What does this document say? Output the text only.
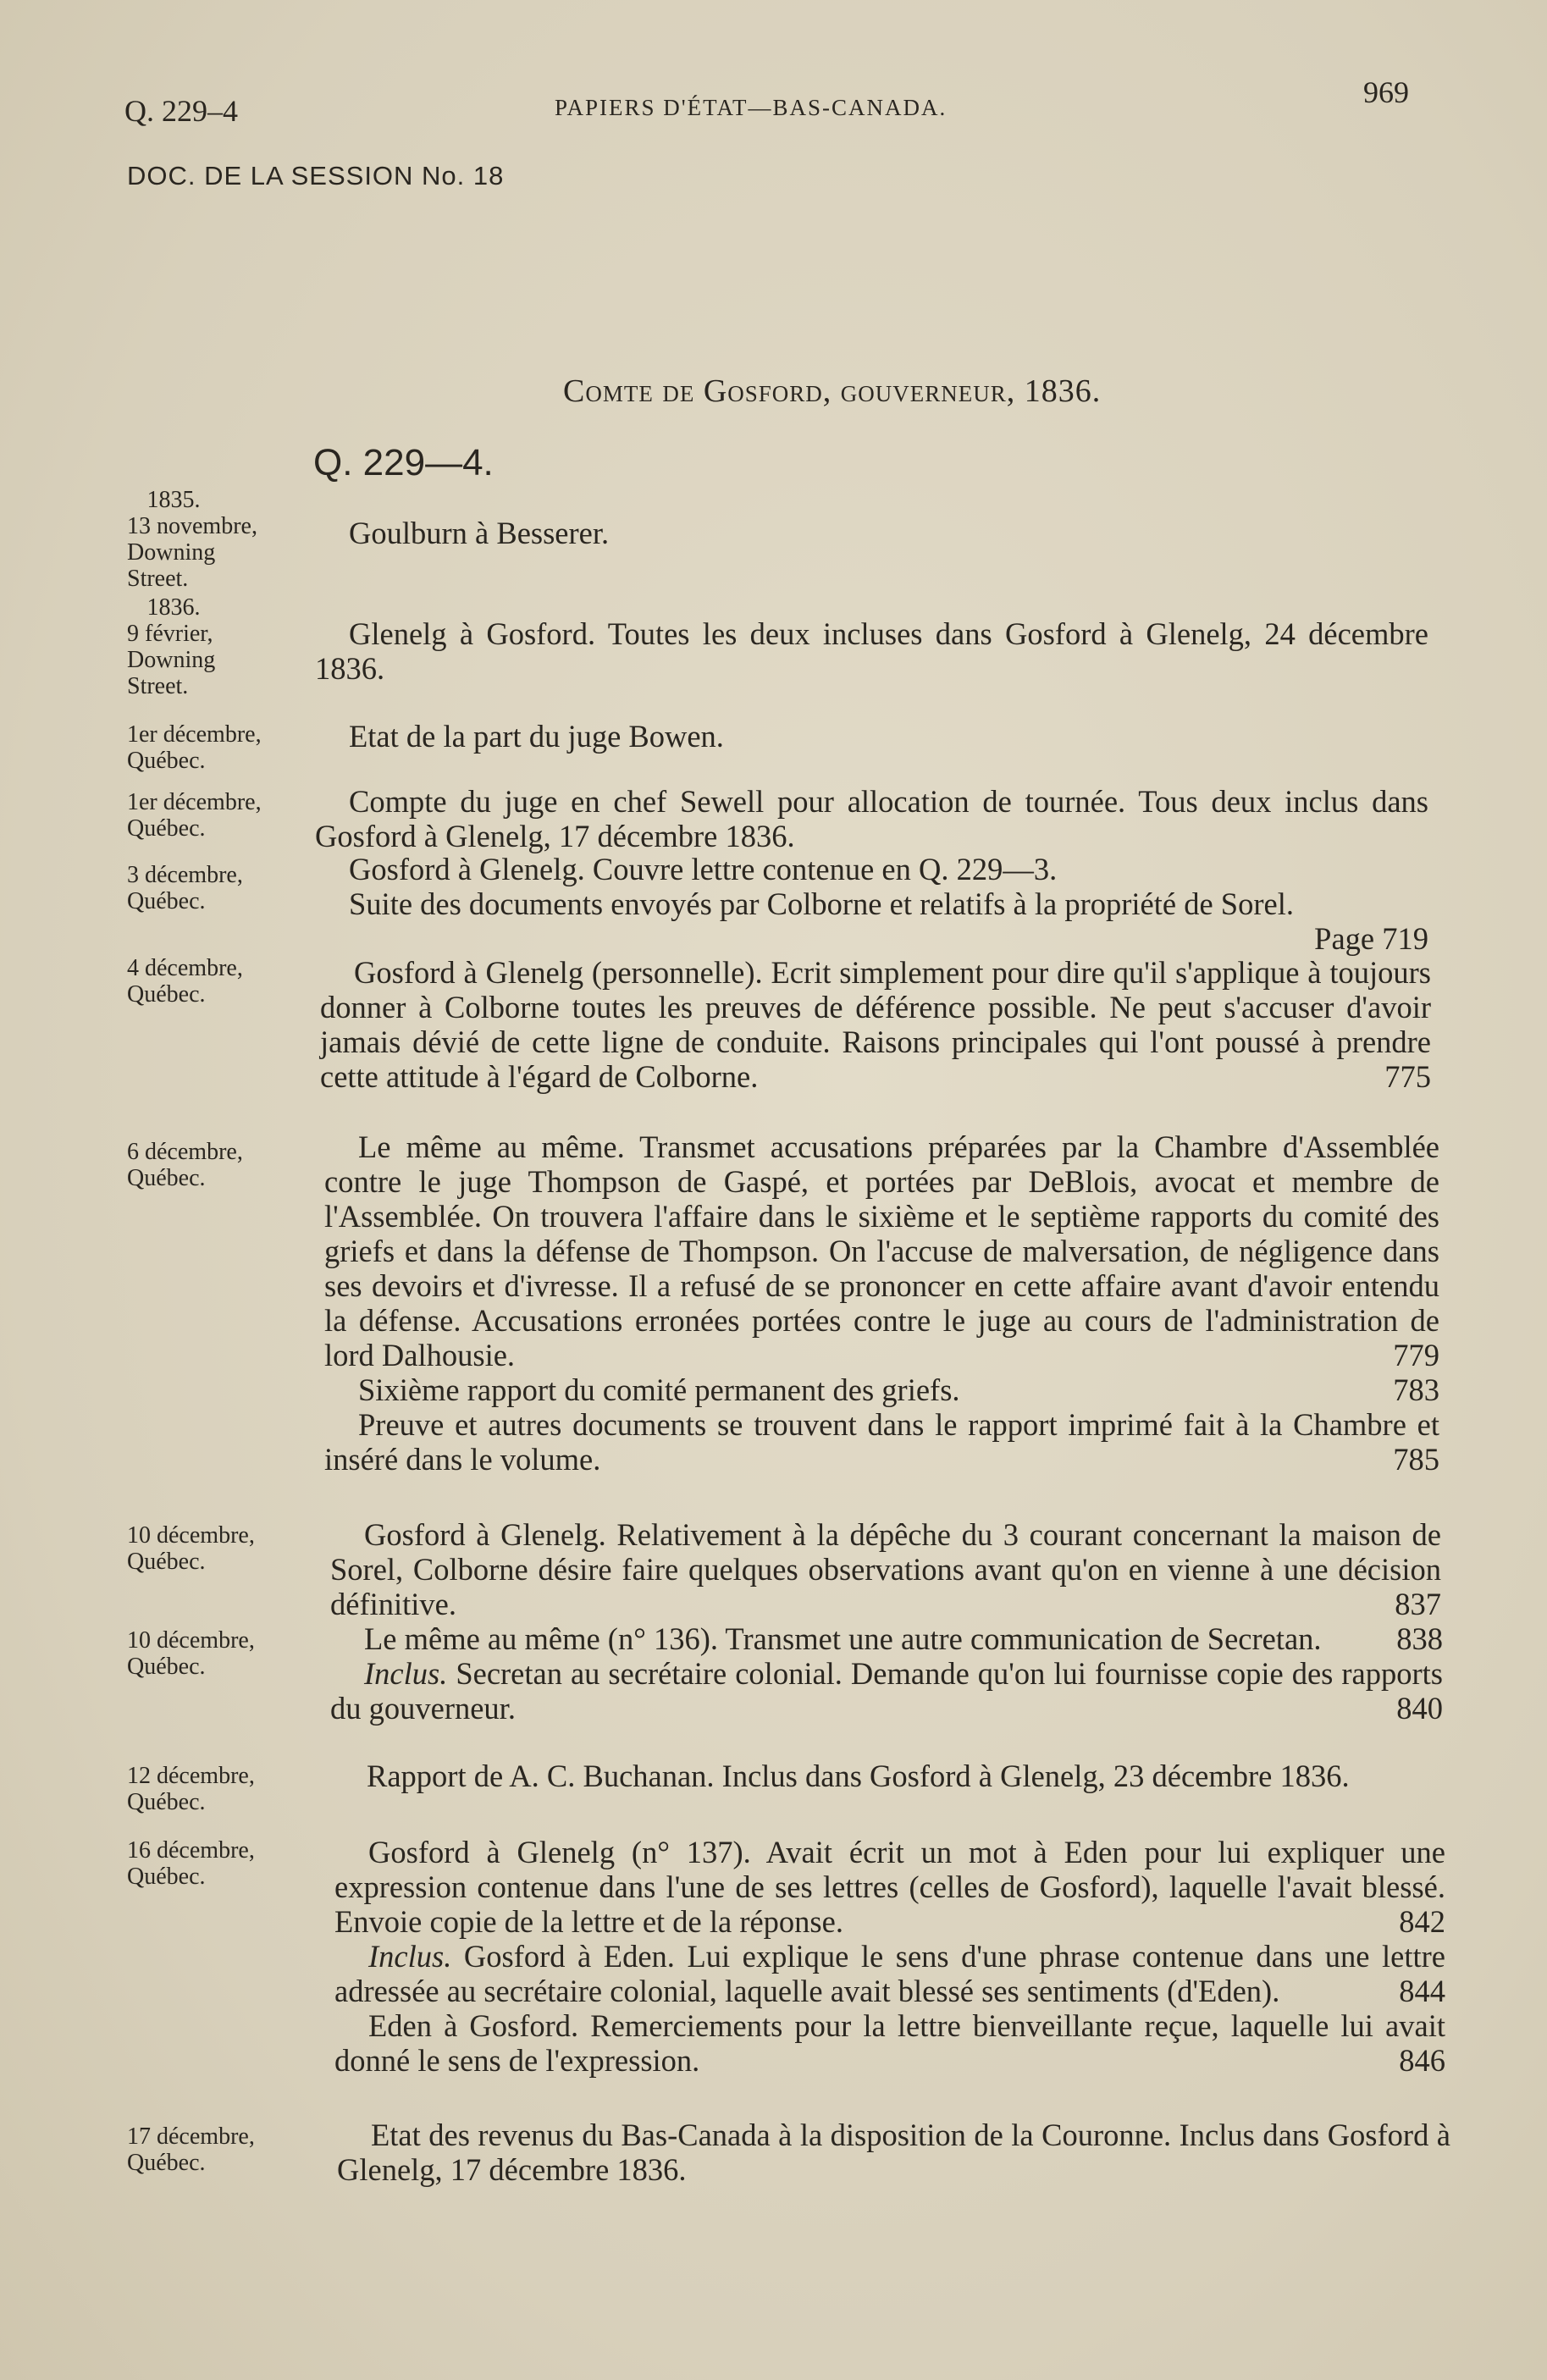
Q. 229–4	PAPIERS D'ÉTAT—BAS-CANADA.	969
DOC. DE LA SESSION No. 18
Comte de Gosford, gouverneur, 1836.
Q. 229—4.
1835.
13 novembre,
Downing
Street.

Goulburn à Besserer.

1836.
9 février,
Downing
Street.

Glenelg à Gosford. Toutes les deux incluses dans Gosford à Glenelg, 24 décembre 1836.

1er décembre,
Québec.

Etat de la part du juge Bowen.

1er décembre,
Québec.

Compte du juge en chef Sewell pour allocation de tournée. Tous deux inclus dans Gosford à Glenelg, 17 décembre 1836.

3 décembre,
Québec.

Gosford à Glenelg. Couvre lettre contenue en Q. 229—3.

Suite des documents envoyés par Colborne et relatifs à la propriété de Sorel.
Page 719

4 décembre,
Québec.

Gosford à Glenelg (personnelle). Ecrit simplement pour dire qu'il s'applique à toujours donner à Colborne toutes les preuves de déférence possible. Ne peut s'accuser d'avoir jamais dévié de cette ligne de conduite. Raisons principales qui l'ont poussé à prendre cette attitude à l'égard de Colborne.	775

6 décembre,
Québec.

Le même au même. Transmet accusations préparées par la Chambre d'Assemblée contre le juge Thompson de Gaspé, et portées par DeBlois, avocat et membre de l'Assemblée. On trouvera l'affaire dans le sixième et le septième rapports du comité des griefs et dans la défense de Thompson. On l'accuse de malversation, de négligence dans ses devoirs et d'ivresse. Il a refusé de se prononcer en cette affaire avant d'avoir entendu la défense. Accusations erronées portées contre le juge au cours de l'administration de lord Dalhousie.	779

Sixième rapport du comité permanent des griefs.	783

Preuve et autres documents se trouvent dans le rapport imprimé fait à la Chambre et inséré dans le volume.	785

10 décembre,
Québec.

Gosford à Glenelg. Relativement à la dépêche du 3 courant concernant la maison de Sorel, Colborne désire faire quelques observations avant qu'on en vienne à une décision définitive.	837

10 décembre,
Québec.

Le même au même (n° 136). Transmet une autre communication de Secretan.	838

Inclus. Secretan au secrétaire colonial. Demande qu'on lui fournisse copie des rapports du gouverneur.	840

12 décembre,
Québec.

Rapport de A. C. Buchanan. Inclus dans Gosford à Glenelg, 23 décembre 1836.

16 décembre,
Québec.

Gosford à Glenelg (n° 137). Avait écrit un mot à Eden pour lui expliquer une expression contenue dans l'une de ses lettres (celles de Gosford), laquelle l'avait blessé. Envoie copie de la lettre et de la réponse.	842

Inclus. Gosford à Eden. Lui explique le sens d'une phrase contenue dans une lettre adressée au secrétaire colonial, laquelle avait blessé ses sentiments (d'Eden).	844

Eden à Gosford. Remerciements pour la lettre bienveillante reçue, laquelle lui avait donné le sens de l'expression.	846

17 décembre,
Québec.

Etat des revenus du Bas-Canada à la disposition de la Couronne. Inclus dans Gosford à Glenelg, 17 décembre 1836.
